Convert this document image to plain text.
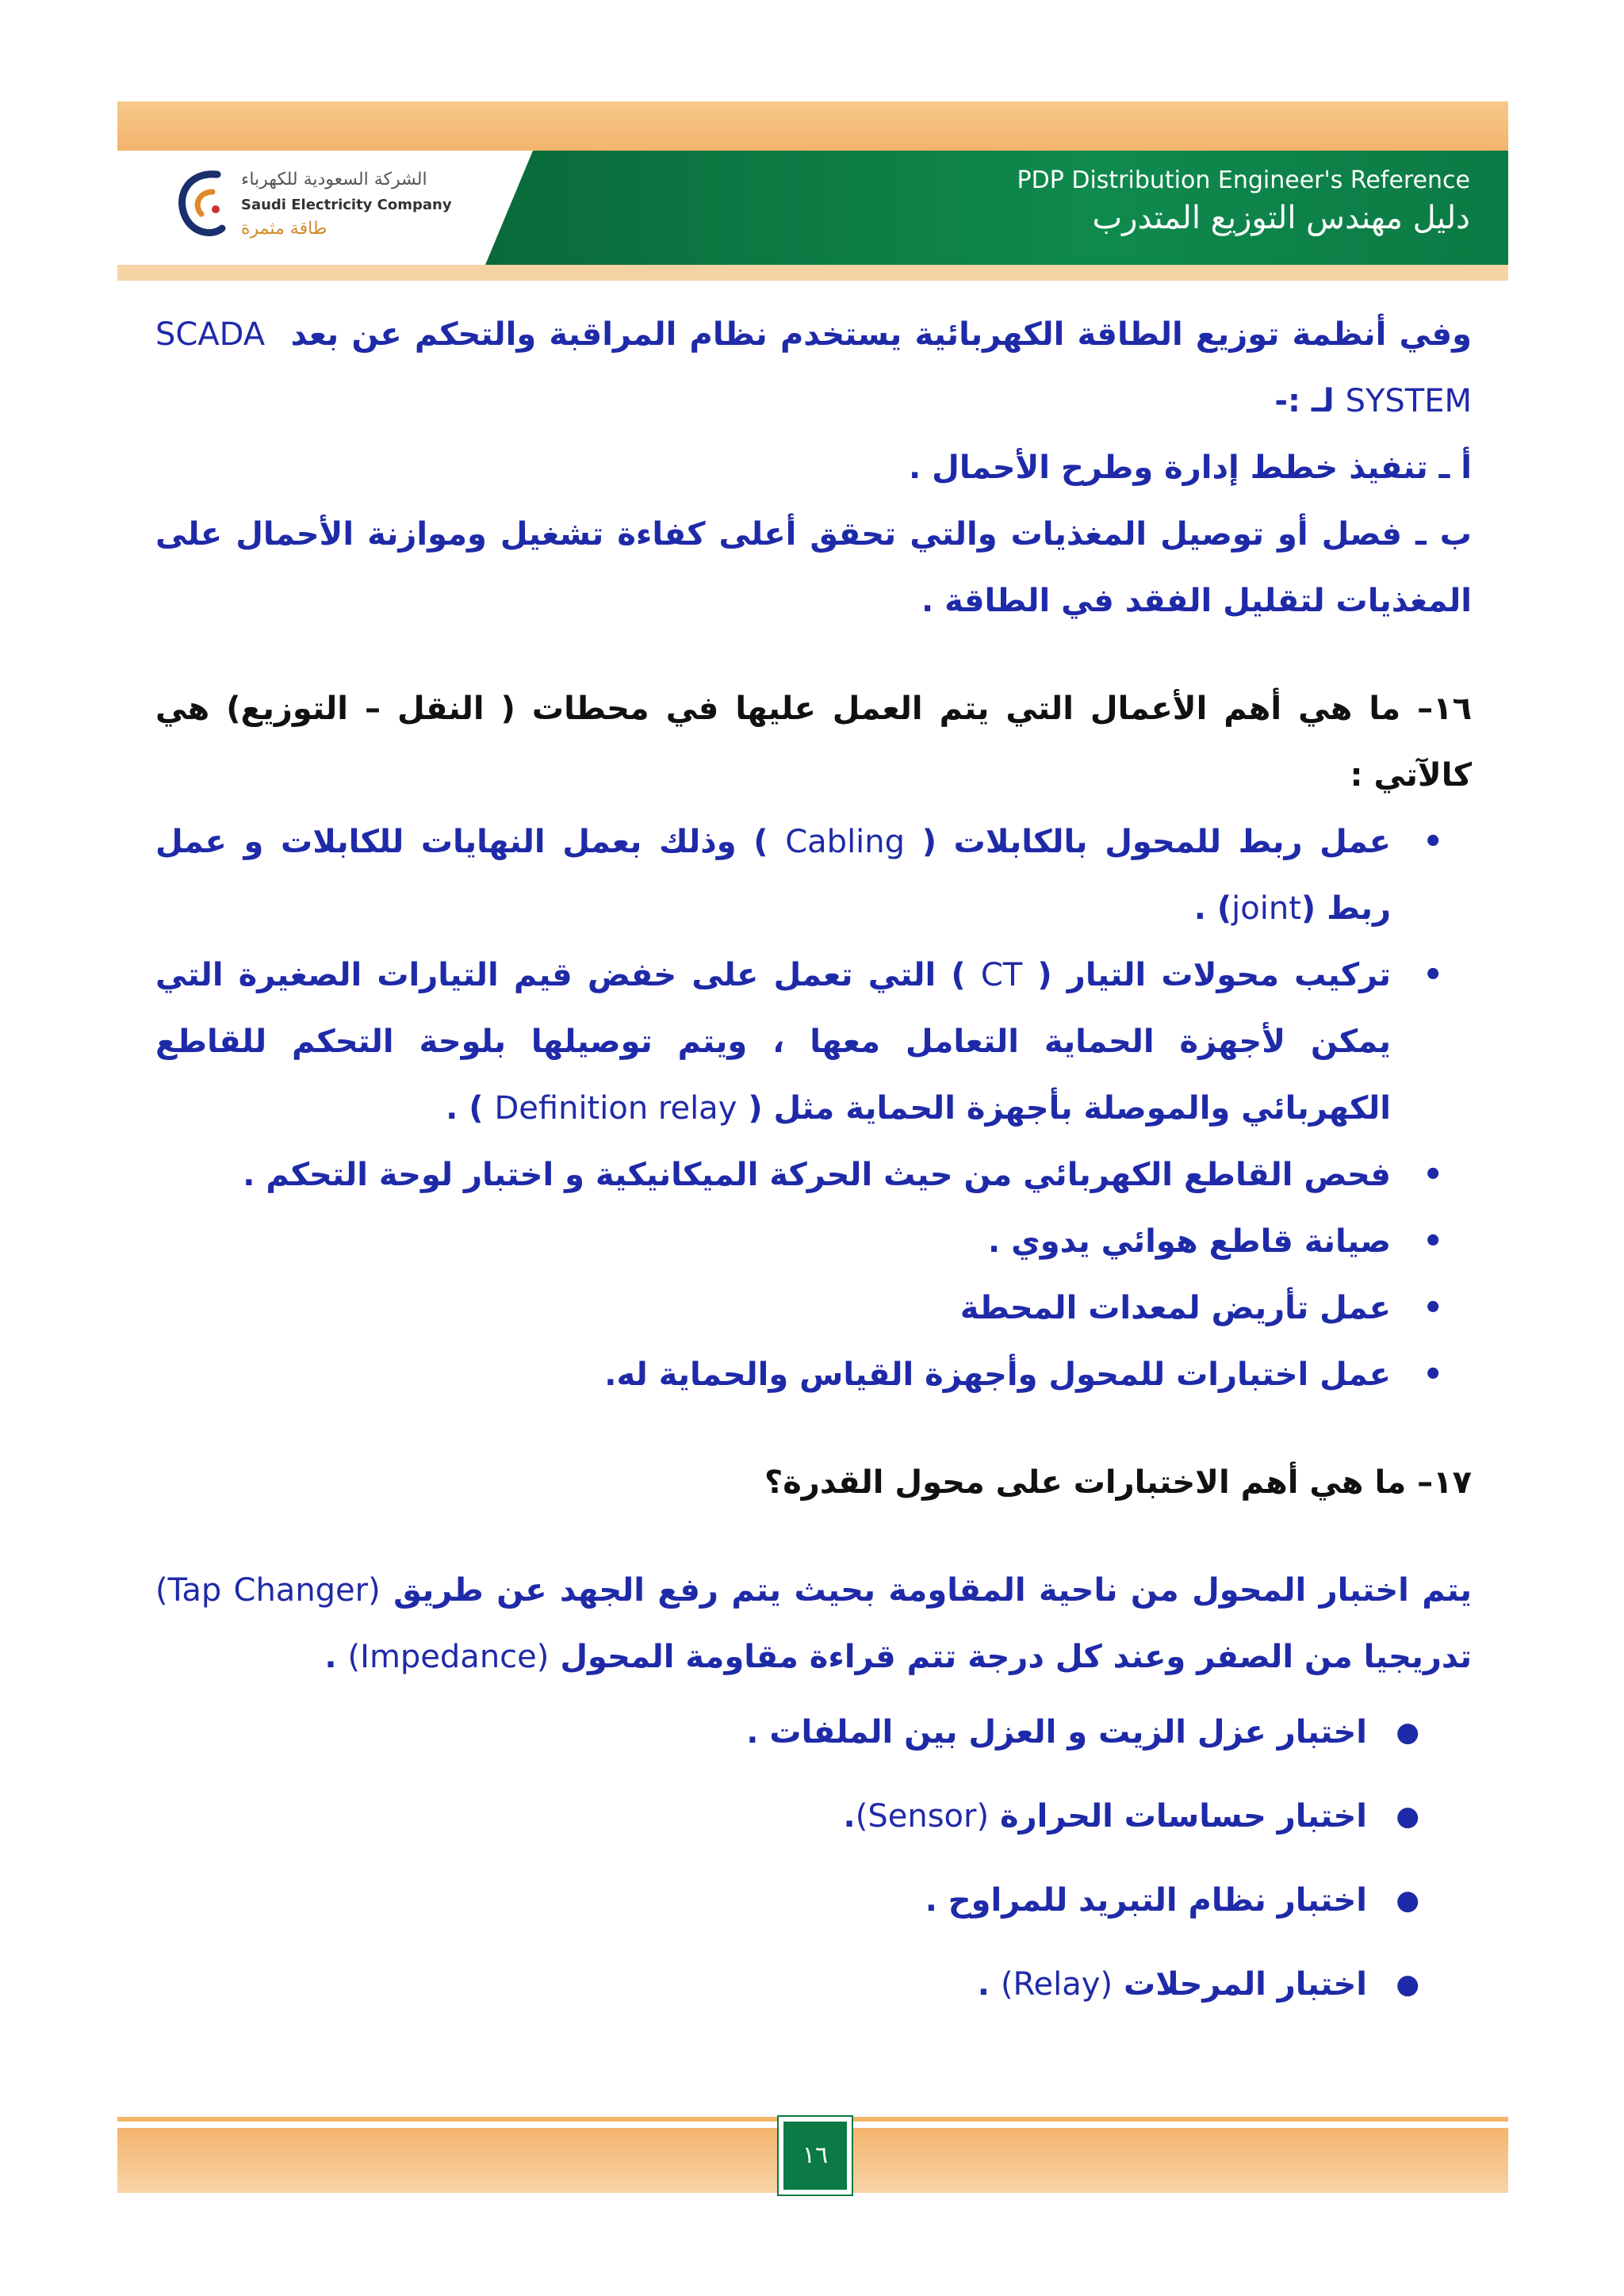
الشركة السعودية للكهرباء
Saudi Electricity Company
طاقة مثمرة
PDP Distribution Engineer's Reference
دليل مهندس التوزيع المتدرب

وفي أنظمة توزيع الطاقة الكهربائية يستخدم نظام المراقبة والتحكم عن بعد  SCADA SYSTEM لـ :-

أ ـ تنفيذ خطط إدارة وطرح الأحمال .

ب ـ فصل أو توصيل المغذيات والتي تحقق أعلى كفاءة تشغيل وموازنة الأحمال على المغذيات لتقليل الفقد في الطاقة .

١٦– ما هي أهم الأعمال التي يتم العمل عليها في محطات ( النقل – التوزيع) هي كالآتي :

•
عمل ربط للمحول بالكابلات ( Cabling ) وذلك بعمل النهايات للكابلات و عمل ربط (joint) .
•
تركيب محولات التيار ( CT ) التي تعمل على خفض قيم التيارات الصغيرة التي يمكن لأجهزة الحماية التعامل معها ، ويتم توصيلها بلوحة التحكم للقاطع الكهربائي والموصلة بأجهزة الحماية مثل ( Definition relay ) .
•
فحص القاطع الكهربائي من حيث الحركة الميكانيكية و اختبار لوحة التحكم .
•
صيانة قاطع هوائي يدوي .
•
عمل تأريض لمعدات المحطة
•
عمل اختبارات للمحول وأجهزة القياس والحماية له.

١٧– ما هي أهم الاختبارات على محول القدرة؟

يتم اختبار المحول من ناحية المقاومة بحيث يتم رفع الجهد عن طريق (Tap Changer) تدريجيا من الصفر وعند كل درجة تتم قراءة مقاومة المحول (Impedance) .

●
اختبار عزل الزيت و العزل بين الملفات .
●
اختبار حساسات الحرارة (Sensor).
●
اختبار نظام التبريد للمراوح .
●
اختبار المرحلات (Relay) .
١٦
